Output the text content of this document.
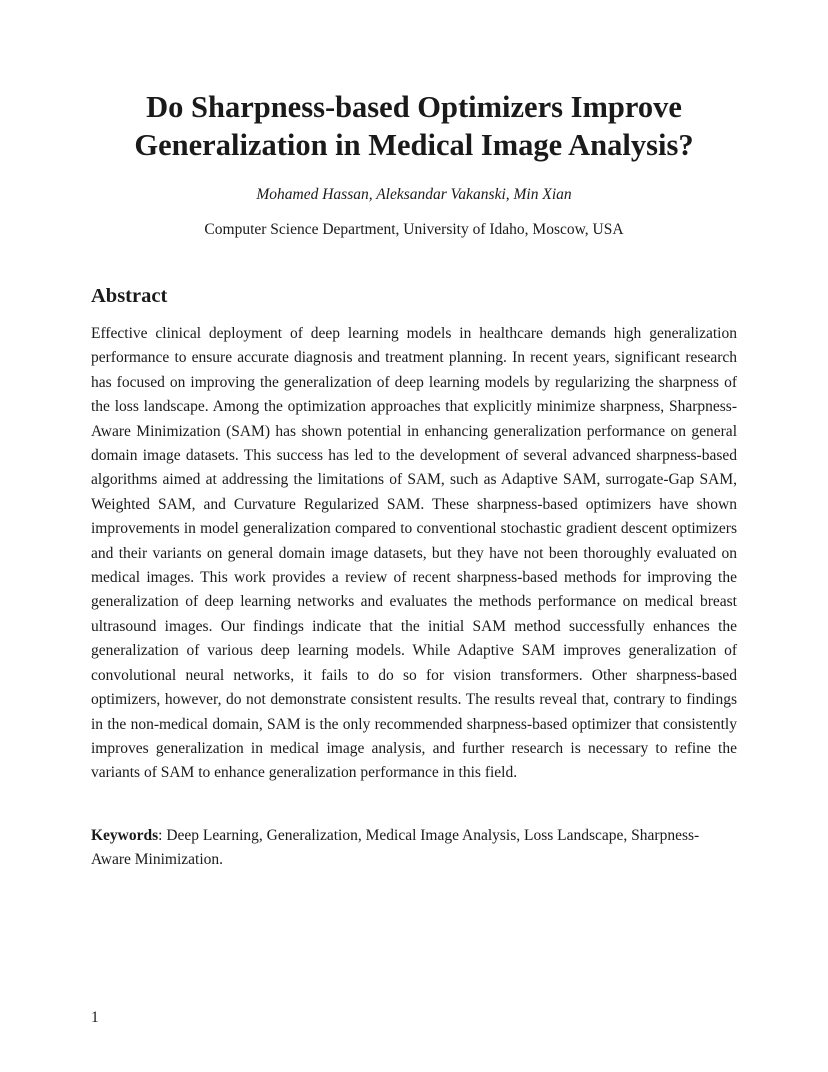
Do Sharpness-based Optimizers Improve
Generalization in Medical Image Analysis?
Mohamed Hassan, Aleksandar Vakanski, Min Xian
Computer Science Department, University of Idaho, Moscow, USA
Abstract

Effective clinical deployment of deep learning models in healthcare demands high generalization performance to ensure accurate diagnosis and treatment planning. In recent years, significant research has focused on improving the generalization of deep learning models by regularizing the sharpness of the loss landscape. Among the optimization approaches that explicitly minimize sharpness, Sharpness-Aware Minimization (SAM) has shown potential in enhancing generalization performance on general domain image datasets. This success has led to the development of several advanced sharpness-based algorithms aimed at addressing the limitations of SAM, such as Adaptive SAM, surrogate-Gap SAM, Weighted SAM, and Curvature Regularized SAM. These sharpness-based optimizers have shown improvements in model generalization compared to conventional stochastic gradient descent optimizers and their variants on general domain image datasets, but they have not been thoroughly evaluated on medical images. This work provides a review of recent sharpness-based methods for improving the generalization of deep learning networks and evaluates the methods performance on medical breast ultrasound images. Our findings indicate that the initial SAM method successfully enhances the generalization of various deep learning models. While Adaptive SAM improves generalization of convolutional neural networks, it fails to do so for vision transformers. Other sharpness-based optimizers, however, do not demonstrate consistent results. The results reveal that, contrary to findings in the non-medical domain, SAM is the only recommended sharpness-based optimizer that consistently improves generalization in medical image analysis, and further research is necessary to refine the variants of SAM to enhance generalization performance in this field.

Keywords: Deep Learning, Generalization, Medical Image Analysis, Loss Landscape, Sharpness-Aware Minimization.

1
